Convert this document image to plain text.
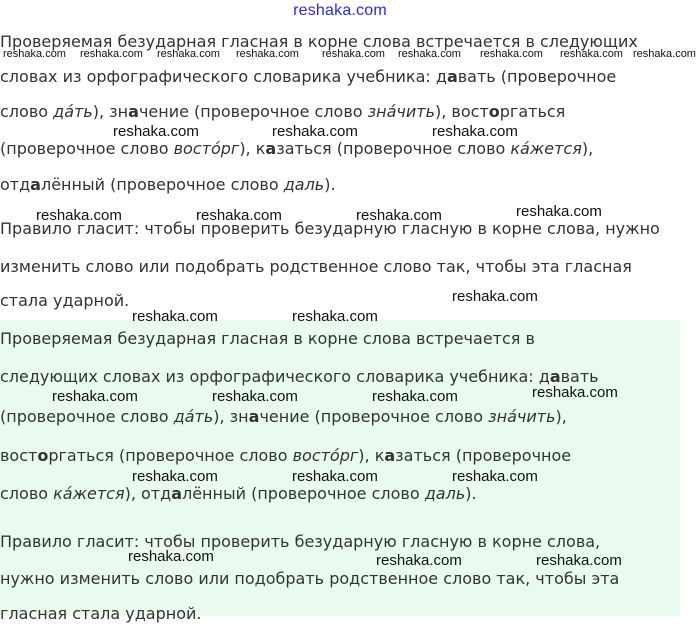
reshaka.com
Проверяемая безударная гласная в корне слова встречается в следующих
словах из орфографического словарика учебника: давать (проверочное
слово да́ть), значение (проверочное слово зна́чить), восторгаться
(проверочное слово восто́рг), казаться (проверочное слово ка́жется),
отдалённый (проверочное слово даль).
Правило гласит: чтобы проверить безударную гласную в корне слова, нужно
изменить слово или подобрать родственное слово так, чтобы эта гласная
стала ударной.
Проверяемая безударная гласная в корне слова встречается в
следующих словах из орфографического словарика учебника: давать
(проверочное слово да́ть), значение (проверочное слово зна́чить),
восторгаться (проверочное слово восто́рг), казаться (проверочное
слово ка́жется), отдалённый (проверочное слово даль).
Правило гласит: чтобы проверить безударную гласную в корне слова,
нужно изменить слово или подобрать родственное слово так, чтобы эта
гласная стала ударной.
reshaka.com reshaka.com reshaka.com reshaka.com reshaka.com reshaka.com reshaka.com reshaka.com reshaka.com
reshaka.com	reshaka.com	reshaka.com
reshaka.com	reshaka.com	reshaka.com	reshaka.com
reshaka.com
reshaka.com	reshaka.com
reshaka.com	reshaka.com	reshaka.com	reshaka.com
reshaka.com	reshaka.com	reshaka.com
reshaka.com	reshaka.com	reshaka.com
